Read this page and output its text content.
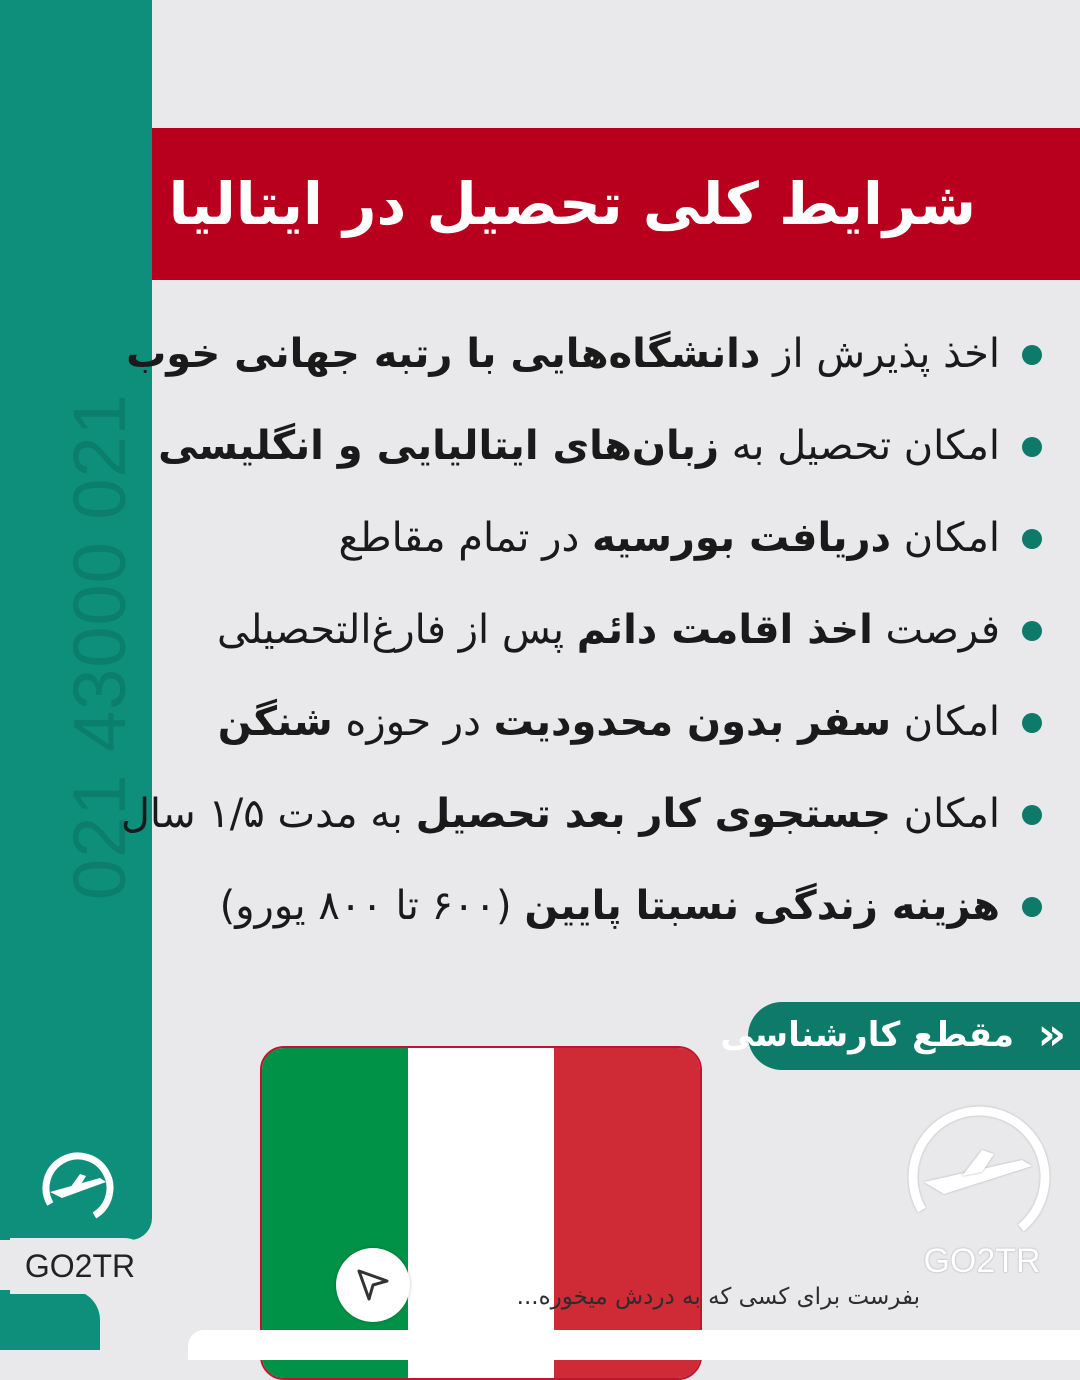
021 43000 021
GO2TR
شرایط کلی تحصیل در ایتالیا
اخذ پذیرش از دانشگاه‌هایی با رتبه جهانی خوب
امکان تحصیل به زبان‌های ایتالیایی و انگلیسی
امکان دریافت بورسیه در تمام مقاطع
فرصت اخذ اقامت دائم پس از فارغ‌التحصیلی
امکان سفر بدون محدودیت در حوزه شنگن
امکان جستجوی کار بعد تحصیل به مدت ۱/۵ سال
هزینه زندگی نسبتا پایین (۶۰۰ تا ۸۰۰ یورو)
«
مقطع کارشناسی
GO2TR
بفرست برای کسی که به دردش میخوره...
